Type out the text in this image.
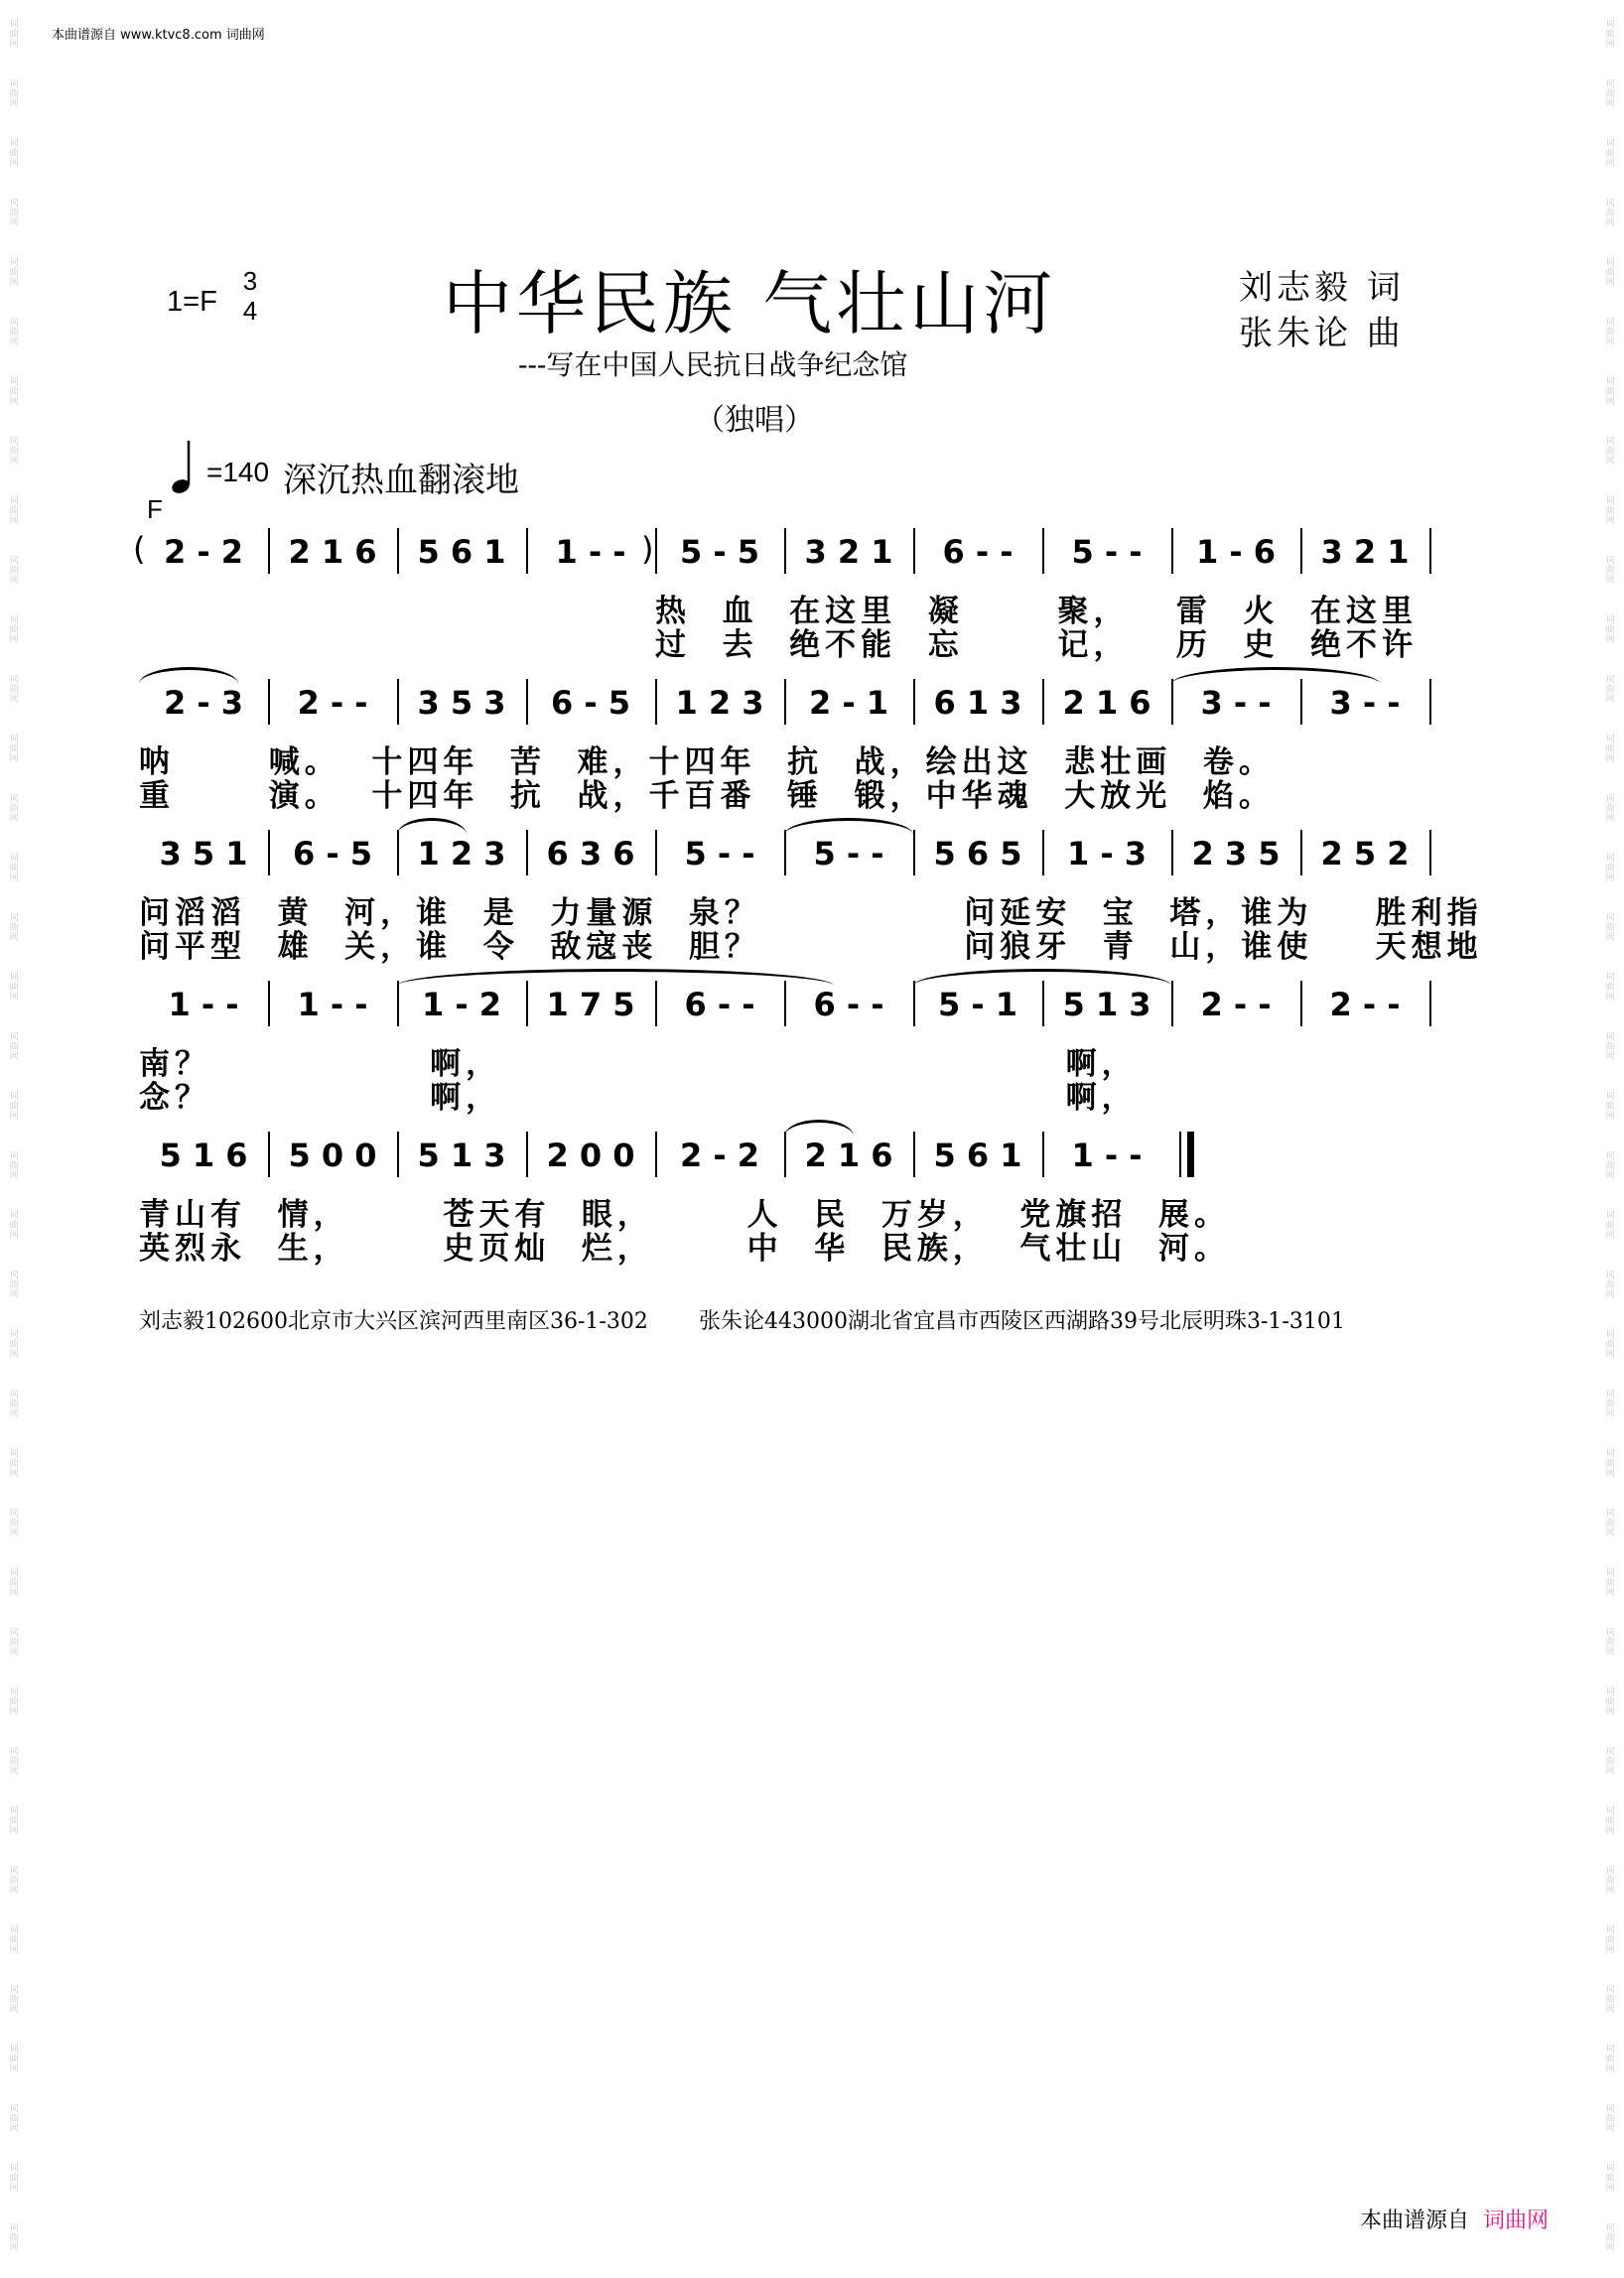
词
曲
网
词
曲
网
词
曲
网
词
曲
网
词
曲
网
词
曲
网
词
曲
网
词
曲
网
词
曲
网
词
曲
网
词
曲
网
词
曲
网
词
曲
网
词
曲
网
词
曲
网
词
曲
网
词
曲
网
词
曲
网
词
曲
网
词
曲
网
词
曲
网
词
曲
网
词
曲
网
词
曲
网
词
曲
网
词
曲
网
词
曲
网
词
曲
网
词
曲
网
词
曲
网
词
曲
网
词
曲
网
词
曲
网
词
曲
网
词
曲
网
词
曲
网
词
曲
网
词
曲
网
词
曲
网
词
曲
网
词
曲
网
词
曲
网
词
曲
网
词
曲
网
词
曲
网
词
曲
网
词
曲
网
词
曲
网
词
曲
网
词
曲
网
词
曲
网
词
曲
网
词
曲
网
词
曲
网
词
曲
网
词
曲
网
词
曲
网
词
曲
网
词
曲
网
词
曲
网
词
曲
网
词
曲
网
词
曲
网
词
曲
网
词
曲
网
词
曲
网
词
曲
网
词
曲
网
词
曲
网
词
曲
网
词
曲
网
词
曲
网
词
曲
网
词
曲
网
词
曲
网
词
曲
网
本曲谱源自 www.ktvc8.com 词曲网
1=F
3
4	中华民族 气壮山河
---写在中国人民抗日战争纪念馆
（独唱）
刘志毅 词
张朱论 曲
=140 深沉热血翻滚地
F
2 - 2	2 1 6	5 6 1	1 - -	5 - 5	3 2 1	6 - -	5 - -	1 - 6	3 2 1
(	)
热  血  在这里  凝      聚，   雷  火  在这里
过  去  绝不能  忘      记，   历  史  绝不许
2 - 3	2 - -	3 5 3	6 - 5	1 2 3	2 - 1	6 1 3	2 1 6	3 - -	3 - -
呐      喊。  十四年  苦  难，十四年  抗  战，绘出这  悲壮画  卷。
重      演。  十四年  抗  战，千百番  锤  锻，中华魂  大放光  焰。
3 5 1	6 - 5	1 2 3	6 3 6	5 - -	5 - -	5 6 5	1 - 3	2 3 5	2 5 2
问滔滔  黄  河，谁  是  力量源  泉？             问延安  宝  塔，谁为    胜利指
问平型  雄  关，谁  令  敌寇丧  胆？             问狼牙  青  山，谁使    天想地
1 - -	1 - -	1 - 2	1 7 5	6 - -	6 - -	5 - 1	5 1 3	2 - -	2 - -
南？              啊，                                    啊，
念？              啊，                                    啊，
5 1 6	5 0 0	5 1 3	2 0 0	2 - 2	2 1 6	5 6 1	1 - -
青山有  情，      苍天有  眼，      人  民  万岁，  党旗招  展。
英烈永  生，      史页灿  烂，      中  华  民族，  气壮山  河。
刘志毅102600北京市大兴区滨河西里南区36-1-302 张朱论443000湖北省宜昌市西陵区西湖路39号北辰明珠3-1-3101
本曲谱源自 词曲网
